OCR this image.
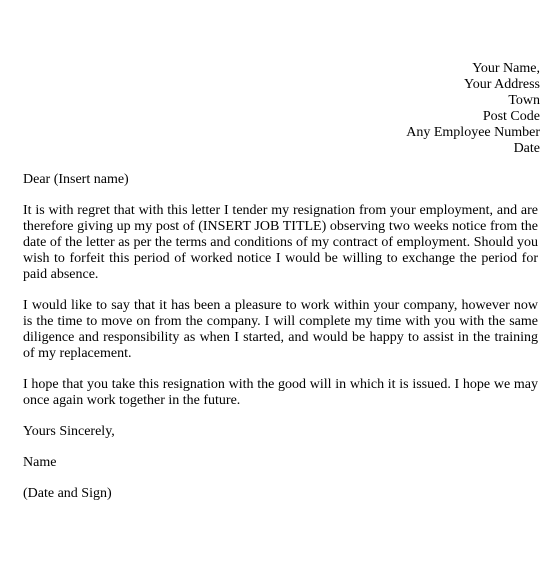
Your Name,
Your Address
Town
Post Code
Any Employee Number
Date

Dear (Insert name)

It is with regret that with this letter I tender my resignation from your employment, and are therefore giving up my post of (INSERT JOB TITLE) observing two weeks notice from the date of the letter as per the terms and conditions of my contract of employment. Should you wish to forfeit this period of worked notice I would be willing to exchange the period for paid absence.

I would like to say that it has been a pleasure to work within your company, however now is the time to move on from the company. I will complete my time with you with the same diligence and responsibility as when I started, and would be happy to assist in the training of my replacement.

I hope that you take this resignation with the good will in which it is issued. I hope we may once again work together in the future.

Yours Sincerely,

Name

(Date and Sign)
